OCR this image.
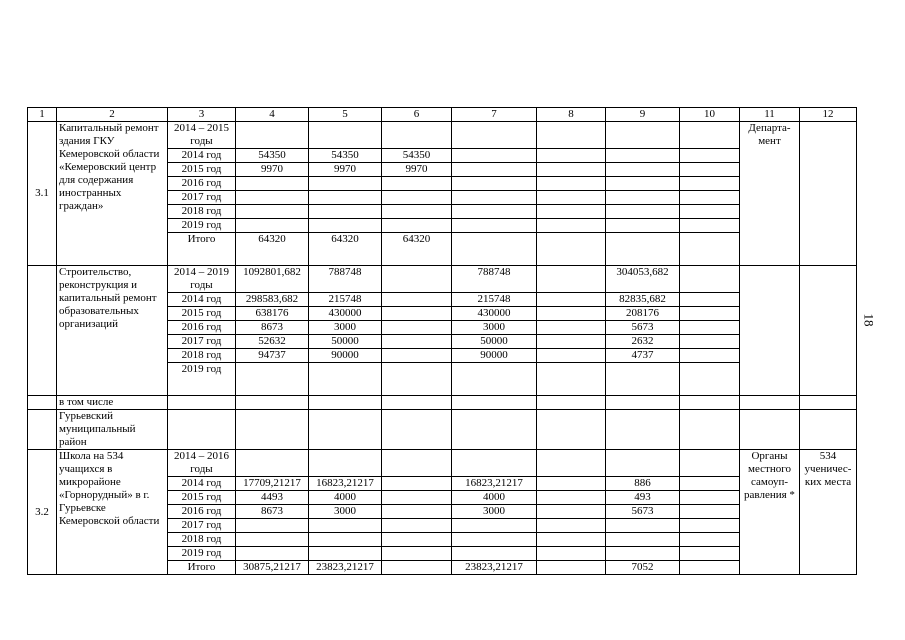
18
1	2	3	4	5	6	7	8	9	10	11	12
3.1	Капитальный ремонт здания ГКУ Кемеровской области «Кемеровский центр для содержания иностранных граждан»	2014 – 2015 годы								Департа-мент	
		2014 год	54350	54350	54350						
		2015 год	9970	9970	9970						
		2016 год									
		2017 год									
		2018 год									
		2019 год									
		Итого	64320	64320	64320						
	Строительство, реконструкция и капитальный ремонт образовательных организаций	2014 – 2019 годы	1092801,682	788748		788748		304053,682			
		2014 год	298583,682	215748		215748		82835,682			
		2015 год	638176	430000		430000		208176			
		2016 год	8673	3000		3000		5673			
		2017 год	52632	50000		50000		2632			
		2018 год	94737	90000		90000		4737			
		2019 год									
	в том числе										
	Гурьевский муниципальный район										
3.2	Школа на 534 учащихся в микрорайоне «Горнорудный» в г. Гурьевске Кемеровской области	2014 – 2016 годы								Органы местного самоуп-равления *	534 ученичес-ких места
		2014 год	17709,21217	16823,21217		16823,21217		886			
		2015 год	4493	4000		4000		493			
		2016 год	8673	3000		3000		5673			
		2017 год									
		2018 год									
		2019 год									
		Итого	30875,21217	23823,21217		23823,21217		7052			
